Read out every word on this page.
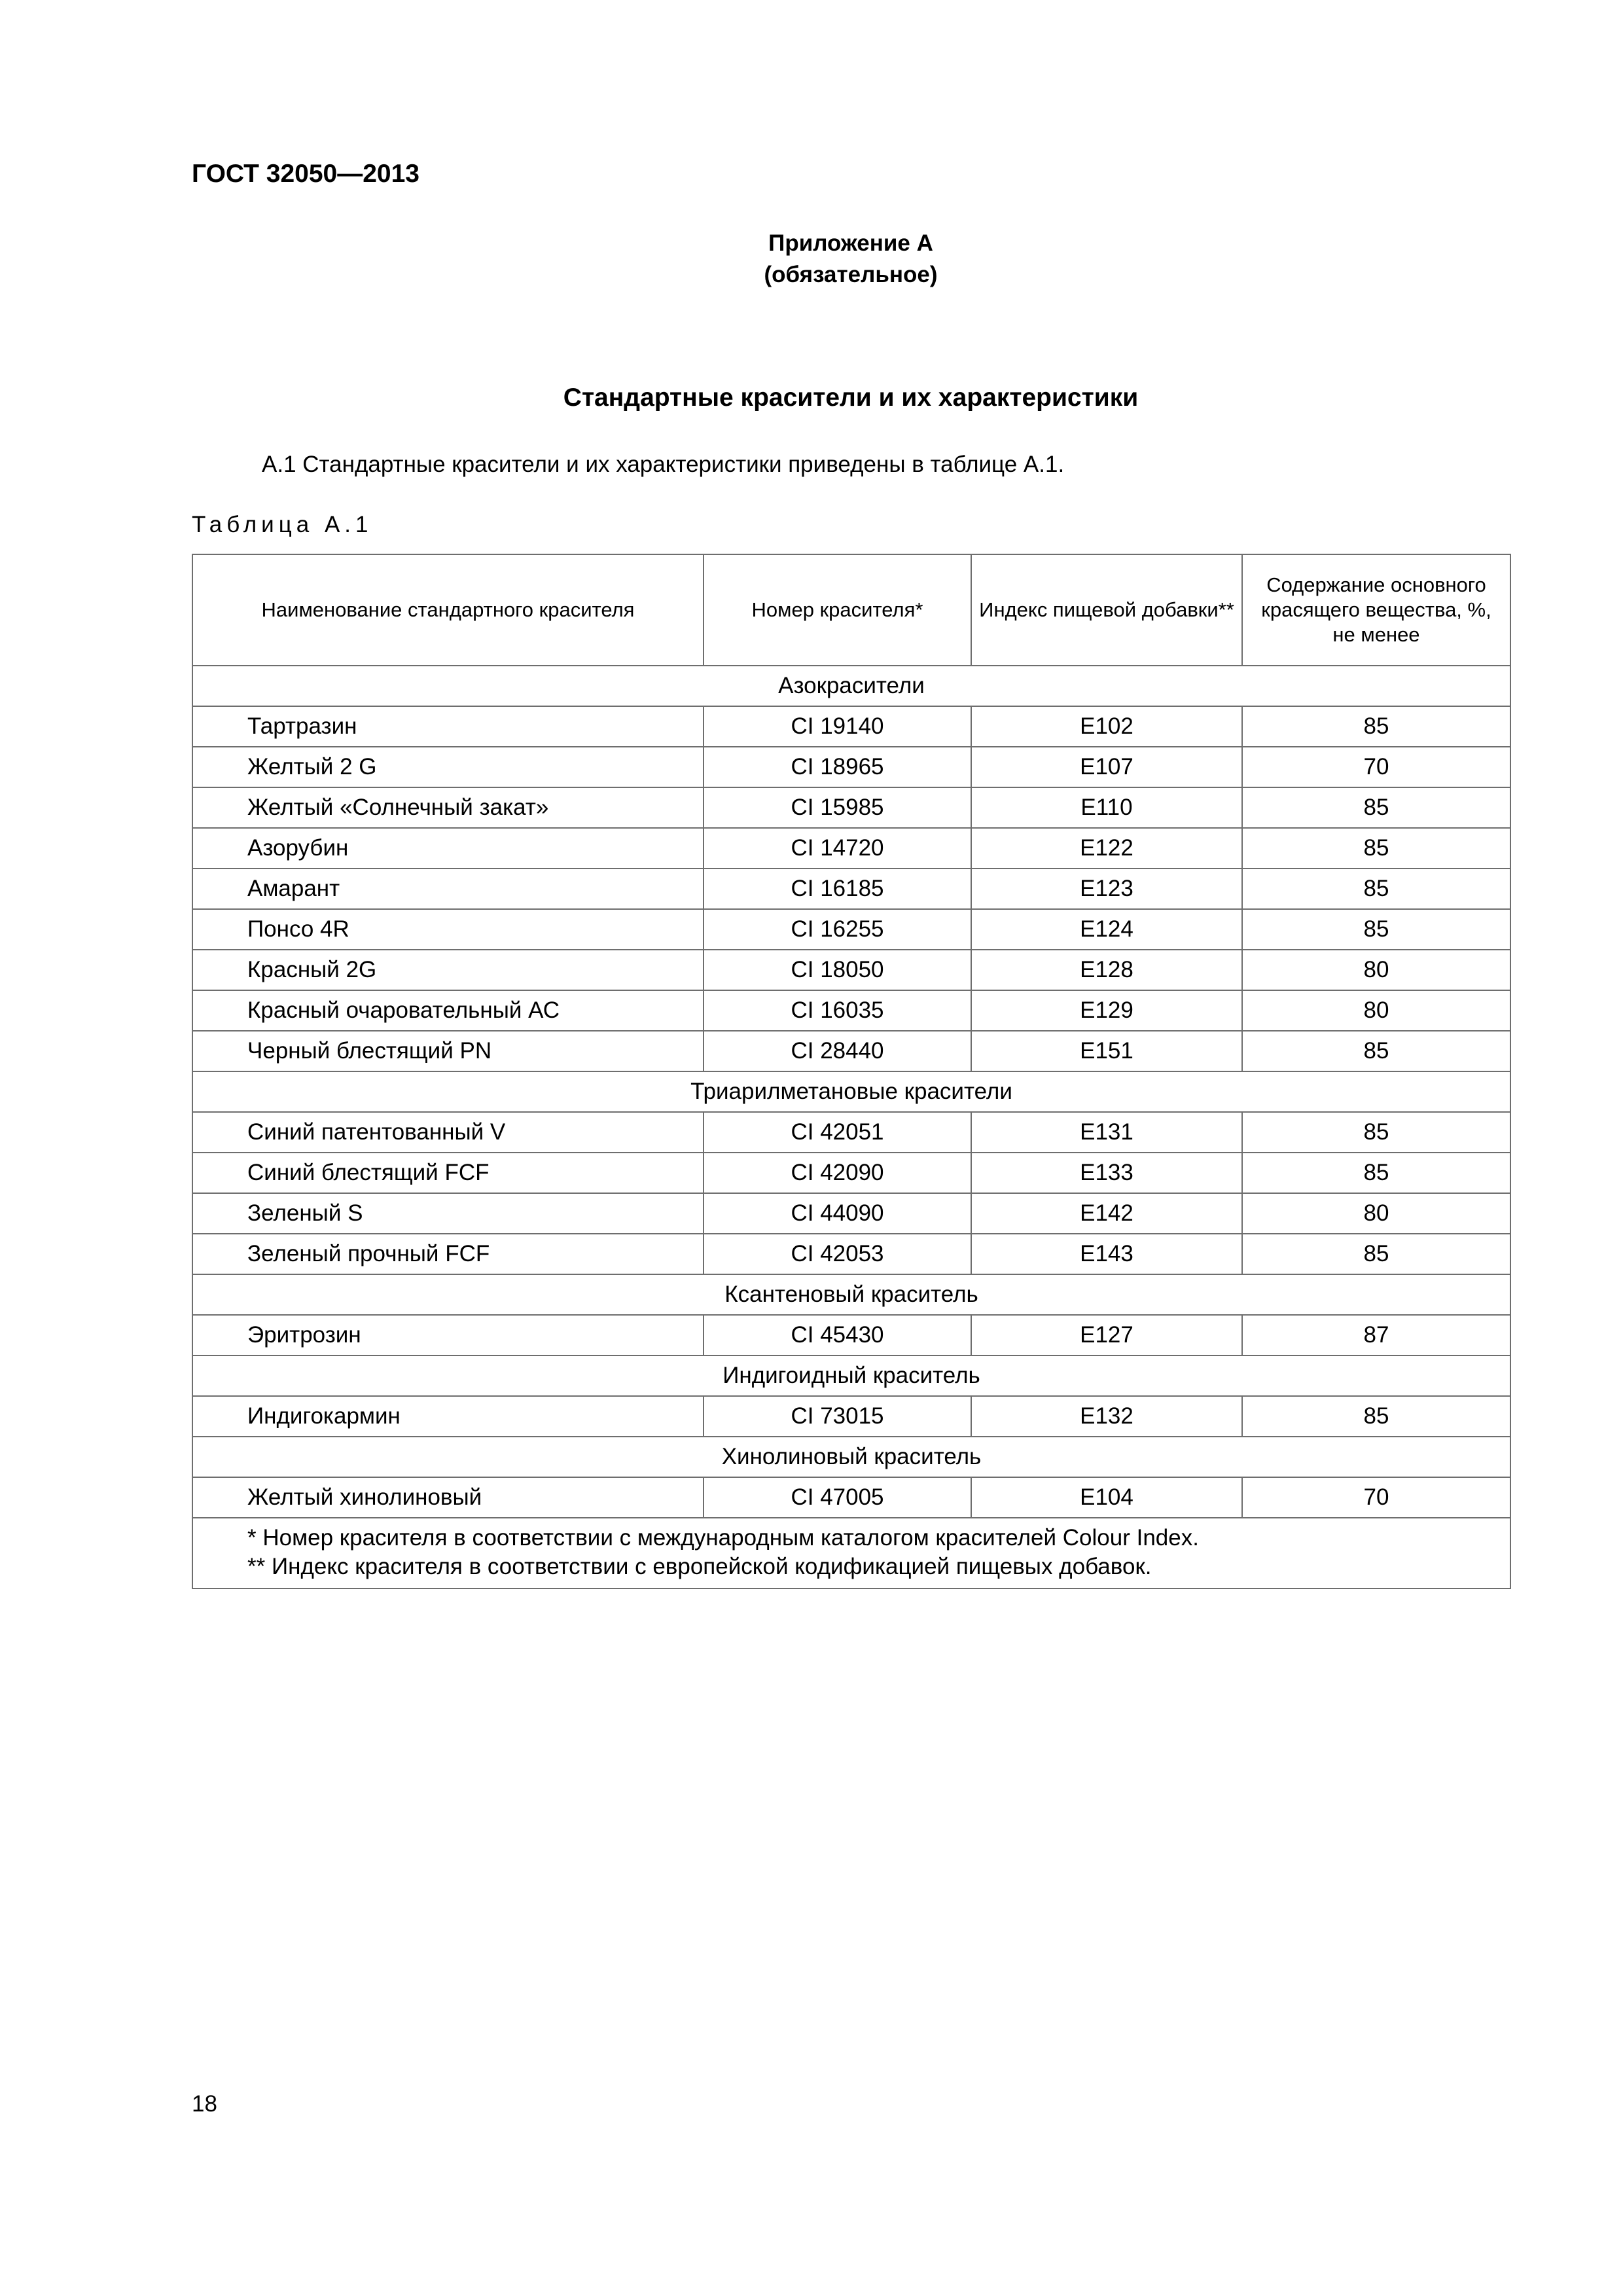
ГОСТ 32050—2013
Приложение А
(обязательное)
Стандартные красители и их характеристики
А.1 Стандартные красители и их характеристики приведены в таблице А.1.
Таблица А.1
Наименование стандартного красителя	Номер красителя*	Индекс пищевой добавки**	Содержание основного красящего вещества, %, не менее
Азокрасители			
Тартразин	CI 19140	E102	85
Желтый 2 G	CI 18965	E107	70
Желтый «Солнечный закат»	CI 15985	E110	85
Азорубин	CI 14720	E122	85
Амарант	CI 16185	E123	85
Понсо 4R	CI 16255	E124	85
Красный 2G	CI 18050	E128	80
Красный очаровательный АС	CI 16035	E129	80
Черный блестящий PN	CI 28440	E151	85
Триарилметановые красители			
Синий патентованный V	CI 42051	E131	85
Синий блестящий FCF	CI 42090	E133	85
Зеленый S	CI 44090	E142	80
Зеленый прочный FCF	CI 42053	E143	85
Ксантеновый краситель			
Эритрозин	CI 45430	E127	87
Индигоидный краситель			
Индигокармин	CI 73015	E132	85
Хинолиновый краситель			
Желтый хинолиновый	CI 47005	E104	70

* Номер красителя в соответствии с международным каталогом красителей Colour Index.
** Индекс красителя в соответствии с европейской кодификацией пищевых добавок.			
18
